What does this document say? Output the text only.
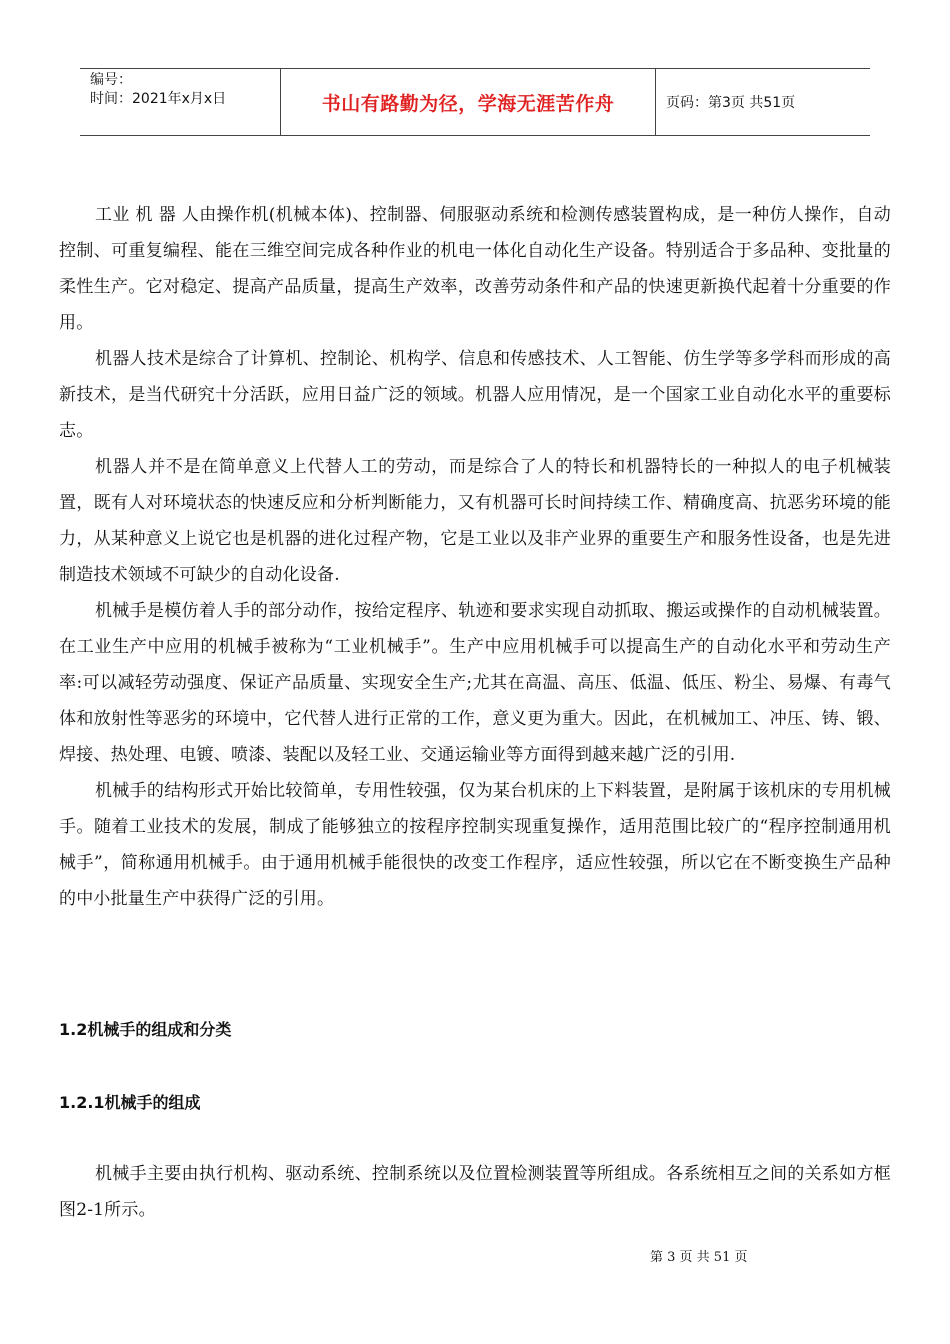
编号：
时间：2021年x月x日	书山有路勤为径，学海无涯苦作舟	页码：第3页 共51页

工业 机 器 人由操作机(机械本体)、控制器、伺服驱动系统和检测传感装置构成，是一种仿人操作，自动控制、可重复编程、能在三维空间完成各种作业的机电一体化自动化生产设备。特别适合于多品种、变批量的柔性生产。它对稳定、提高产品质量，提高生产效率，改善劳动条件和产品的快速更新换代起着十分重要的作用。

机器人技术是综合了计算机、控制论、机构学、信息和传感技术、人工智能、仿生学等多学科而形成的高新技术，是当代研究十分活跃，应用日益广泛的领域。机器人应用情况，是一个国家工业自动化水平的重要标志。

机器人并不是在简单意义上代替人工的劳动，而是综合了人的特长和机器特长的一种拟人的电子机械装置，既有人对环境状态的快速反应和分析判断能力，又有机器可长时间持续工作、精确度高、抗恶劣环境的能力，从某种意义上说它也是机器的进化过程产物，它是工业以及非产业界的重要生产和服务性设备，也是先进制造技术领域不可缺少的自动化设备.

机械手是模仿着人手的部分动作，按给定程序、轨迹和要求实现自动抓取、搬运或操作的自动机械装置。在工业生产中应用的机械手被称为“工业机械手”。生产中应用机械手可以提高生产的自动化水平和劳动生产率:可以减轻劳动强度、保证产品质量、实现安全生产;尤其在高温、高压、低温、低压、粉尘、易爆、有毒气体和放射性等恶劣的环境中，它代替人进行正常的工作，意义更为重大。因此，在机械加工、冲压、铸、锻、焊接、热处理、电镀、喷漆、装配以及轻工业、交通运输业等方面得到越来越广泛的引用.

机械手的结构形式开始比较简单，专用性较强，仅为某台机床的上下料装置，是附属于该机床的专用机械手。随着工业技术的发展，制成了能够独立的按程序控制实现重复操作，适用范围比较广的“程序控制通用机械手”，简称通用机械手。由于通用机械手能很快的改变工作程序，适应性较强，所以它在不断变换生产品种的中小批量生产中获得广泛的引用。

1.2机械手的组成和分类
1.2.1机械手的组成

机械手主要由执行机构、驱动系统、控制系统以及位置检测装置等所组成。各系统相互之间的关系如方框图2-1所示。

第 3 页 共 51 页
